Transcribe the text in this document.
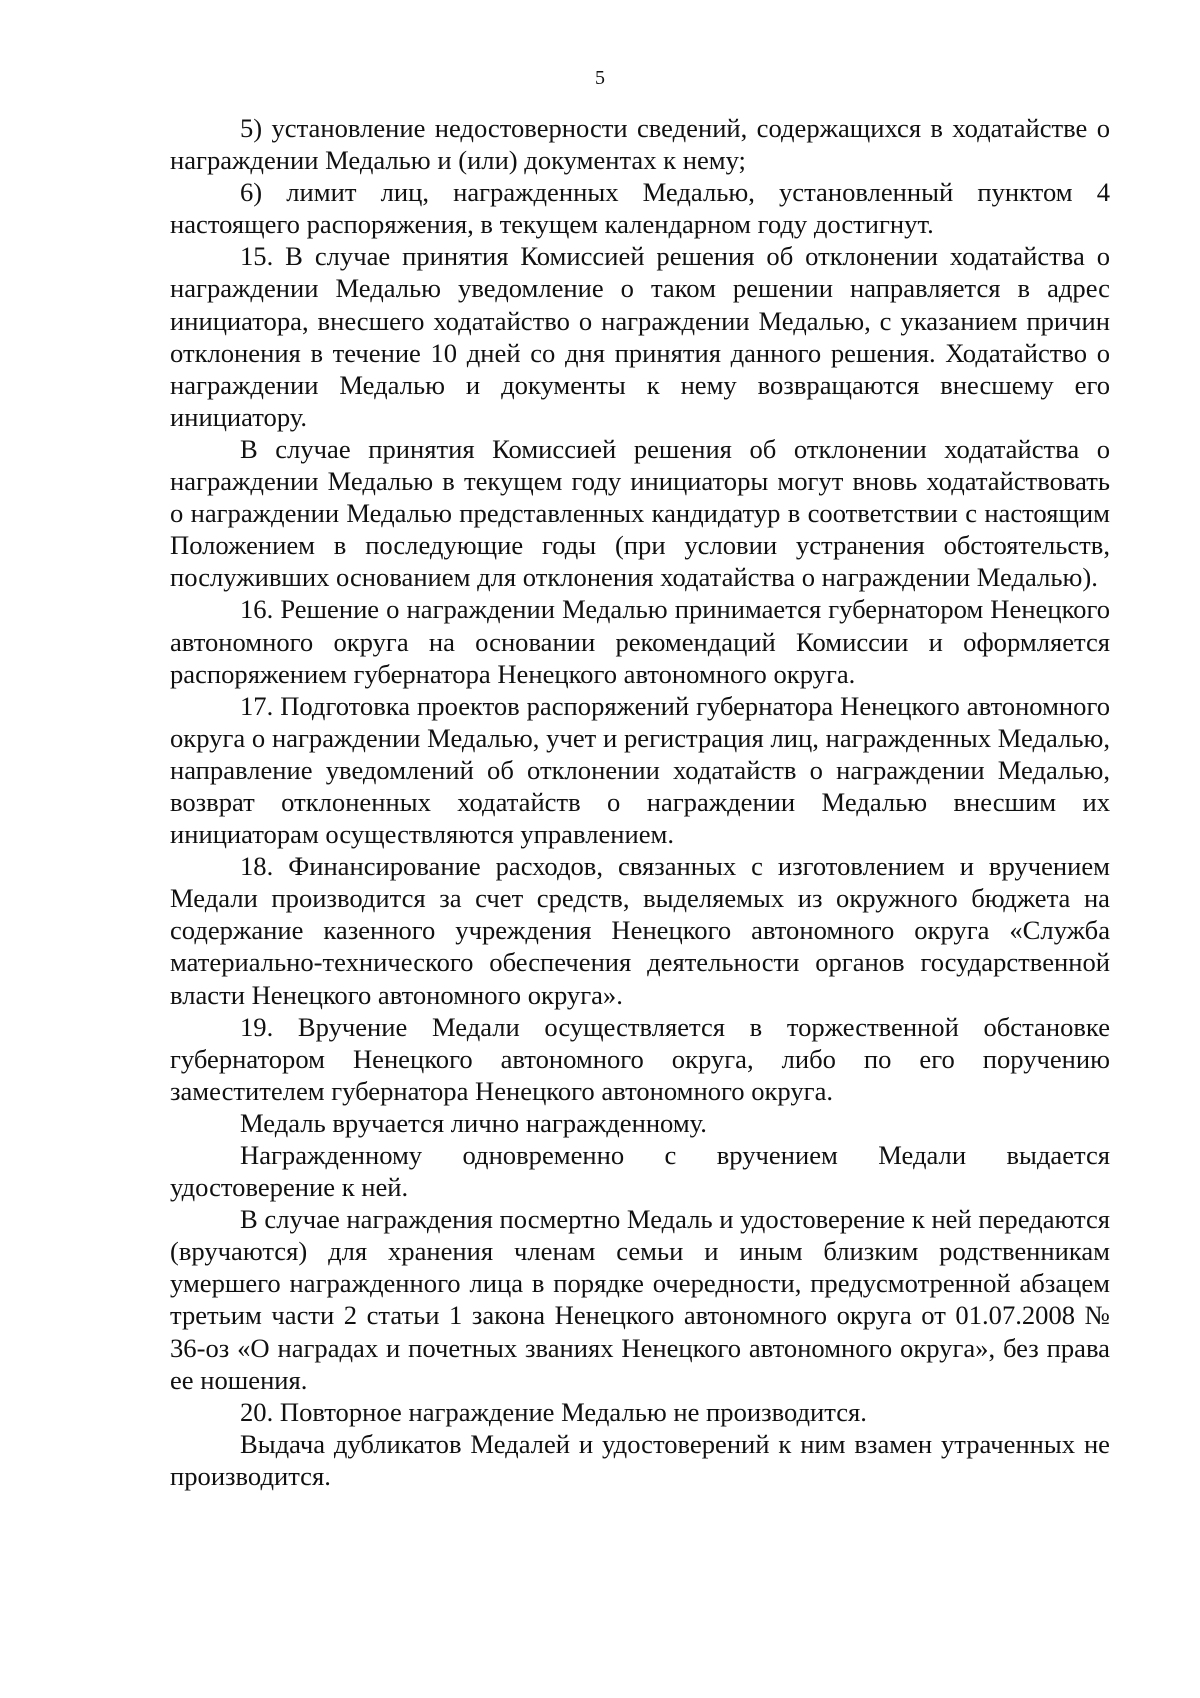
5

5) установление недостоверности сведений, содержащихся в ходатайстве о награждении Медалью и (или) документах к нему;

6) лимит лиц, награжденных Медалью, установленный пунктом 4 настоящего распоряжения, в текущем календарном году достигнут.

15. В случае принятия Комиссией решения об отклонении ходатайства о награждении Медалью уведомление о таком решении направляется в адрес инициатора, внесшего ходатайство о награждении Медалью, с указанием причин отклонения в течение 10 дней со дня принятия данного решения. Ходатайство о награждении Медалью и документы к нему возвращаются внесшему его инициатору.

В случае принятия Комиссией решения об отклонении ходатайства о награждении Медалью в текущем году инициаторы могут вновь ходатайствовать о награждении Медалью представленных кандидатур в соответствии с настоящим Положением в последующие годы (при условии устранения обстоятельств, послуживших основанием для отклонения ходатайства о награждении Медалью).

16. Решение о награждении Медалью принимается губернатором Ненецкого автономного округа на основании рекомендаций Комиссии и оформляется распоряжением губернатора Ненецкого автономного округа.

17. Подготовка проектов распоряжений губернатора Ненецкого автономного округа о награждении Медалью, учет и регистрация лиц, награжденных Медалью, направление уведомлений об отклонении ходатайств о награждении Медалью, возврат отклоненных ходатайств о награждении Медалью внесшим их инициаторам осуществляются управлением.

18. Финансирование расходов, связанных с изготовлением и вручением Медали производится за счет средств, выделяемых из окружного бюджета на содержание казенного учреждения Ненецкого автономного округа «Служба материально-технического обеспечения деятельности органов государственной власти Ненецкого автономного округа».

19. Вручение Медали осуществляется в торжественной обстановке губернатором Ненецкого автономного округа, либо по его поручению заместителем губернатора Ненецкого автономного округа.

Медаль вручается лично награжденному.

Награжденному одновременно с вручением Медали выдается удостоверение к ней.

В случае награждения посмертно Медаль и удостоверение к ней передаются (вручаются) для хранения членам семьи и иным близким родственникам умершего награжденного лица в порядке очередности, предусмотренной абзацем третьим части 2 статьи 1 закона Ненецкого автономного округа от 01.07.2008 № 36-оз «О наградах и почетных званиях Ненецкого автономного округа», без права ее ношения.

20. Повторное награждение Медалью не производится.

Выдача дубликатов Медалей и удостоверений к ним взамен утраченных не производится.
